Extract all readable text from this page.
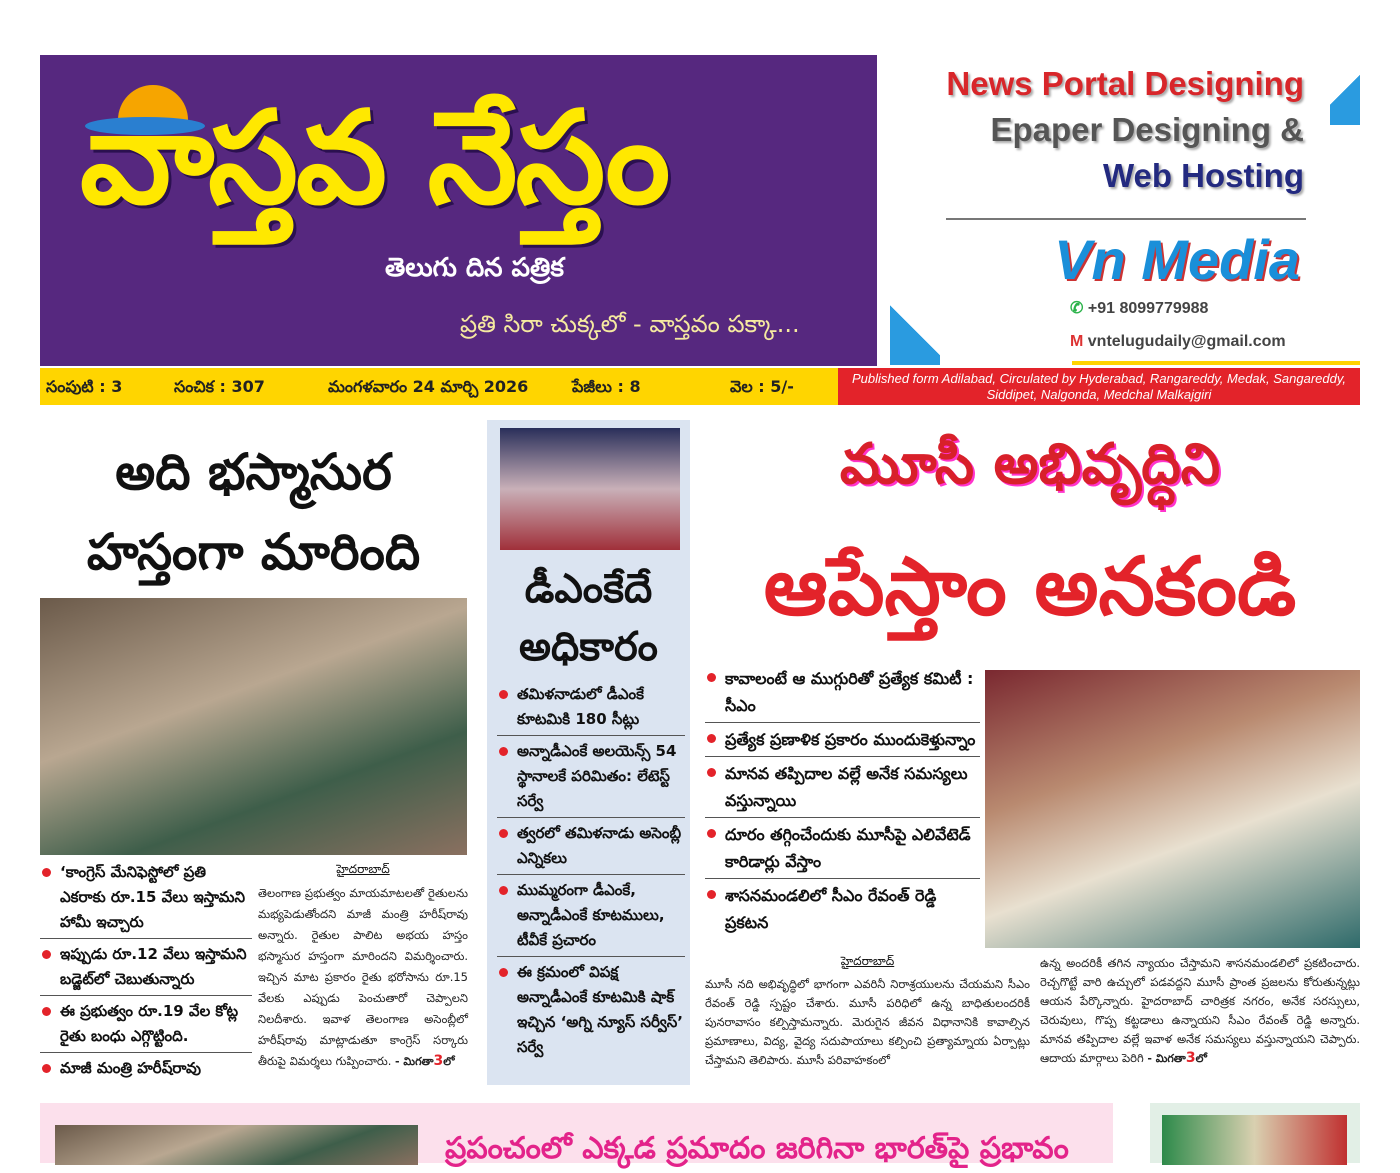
వాస్తవ నేస్తం
తెలుగు దిన పత్రిక
ప్రతి సిరా చుక్కలో - వాస్తవం పక్కా...
News Portal Designing
Epaper Designing &
Web Hosting
Vn Media
✆ +91 8099779988
M vntelugudaily@gmail.com
సంపుటి : 3	సంచిక : 307	మంగళవారం 24 మార్చి 2026	పేజీలు : 8	వెల : 5/-	Published form Adilabad, Circulated by Hyderabad, Rangareddy, Medak, Sangareddy, Siddipet, Nalgonda, Medchal Malkajgiri
అది భస్మాసుర
హస్తంగా మారింది
‘కాంగ్రెస్ మేనిఫెస్టోలో ప్రతి ఎకరాకు రూ.15 వేలు ఇస్తామని హామీ ఇచ్చారు
ఇప్పుడు రూ.12 వేలు ఇస్తామని బడ్జెట్‌లో చెబుతున్నారు
ఈ ప్రభుత్వం రూ.19 వేల కోట్ల రైతు బంధు ఎగ్గొట్టింది.
మాజీ మంత్రి హరీష్‌రావు
హైదరాబాద్

తెలంగాణ ప్రభుత్వం మాయమాటలతో రైతులను మభ్యపెడుతోందని మాజీ మంత్రి హరీష్‌రావు అన్నారు. రైతుల పాలిట అభయ హస్తం భస్మాసుర హస్తంగా మారిందని విమర్శించారు. ఇచ్చిన మాట ప్రకారం రైతు భరోసాను రూ.15 వేలకు ఎప్పుడు పెంచుతారో చెప్పాలని నిలదీశారు. ఇవాళ తెలంగాణ అసెంబ్లీలో హరీష్‌రావు మాట్లాడుతూ కాంగ్రెస్ సర్కారు తీరుపై విమర్శలు గుప్పించారు. - మిగతా3లో

డీఎంకేదే
అధికారం
తమిళనాడులో డీఎంకే కూటమికి 180 సీట్లు
అన్నాడీఎంకే అలయెన్స్ 54 స్థానాలకే పరిమితం: లేటెస్ట్ సర్వే
త్వరలో తమిళనాడు అసెంబ్లీ ఎన్నికలు
ముమ్మరంగా డీఎంకే, అన్నాడీఎంకే కూటములు, టీవీకే ప్రచారం
ఈ క్రమంలో విపక్ష అన్నాడీఎంకే కూటమికి షాక్ ఇచ్చిన ‘అగ్ని న్యూస్ సర్వీస్’ సర్వే
మూసీ అభివృద్ధిని
ఆపేస్తాం అనకండి
కావాలంటే ఆ ముగ్గురితో ప్రత్యేక కమిటీ : సీఎం
ప్రత్యేక ప్రణాళిక ప్రకారం ముందుకెళ్తున్నాం
మానవ తప్పిదాల వల్లే అనేక సమస్యలు వస్తున్నాయి
దూరం తగ్గించేందుకు మూసీపై ఎలివేటెడ్ కారిడార్లు వేస్తాం
శాసనమండలిలో సీఎం రేవంత్ రెడ్డి ప్రకటన
హైదరాబాద్

మూసీ నది అభివృద్ధిలో భాగంగా ఎవరినీ నిరాశ్రయులను చేయమని సీఎం రేవంత్ రెడ్డి స్పష్టం చేశారు. మూసీ పరిధిలో ఉన్న బాధితులందరికీ పునరావాసం కల్పిస్తామన్నారు. మెరుగైన జీవన విధానానికి కావాల్సిన ప్రమాణాలు, విద్య, వైద్య సదుపాయాలు కల్పించి ప్రత్యామ్నాయ ఏర్పాట్లు చేస్తామని తెలిపారు. మూసీ పరివాహకంలో

ఉన్న అందరికీ తగిన న్యాయం చేస్తామని శాసనమండలిలో ప్రకటించారు. రెచ్చగొట్టే వారి ఉచ్చులో పడవద్దని మూసీ ప్రాంత ప్రజలను కోరుతున్నట్లు ఆయన పేర్కొన్నారు. హైదరాబాద్ చారిత్రక నగరం, అనేక సరస్సులు, చెరువులు, గొప్ప కట్టడాలు ఉన్నాయని సీఎం రేవంత్ రెడ్డి అన్నారు. మానవ తప్పిదాల వల్లే ఇవాళ అనేక సమస్యలు వస్తున్నాయని చెప్పారు. ఆదాయ మార్గాలు పెరిగి - మిగతా3లో

ప్రపంచంలో ఎక్కడ ప్రమాదం జరిగినా భారత్‌పై ప్రభావం
